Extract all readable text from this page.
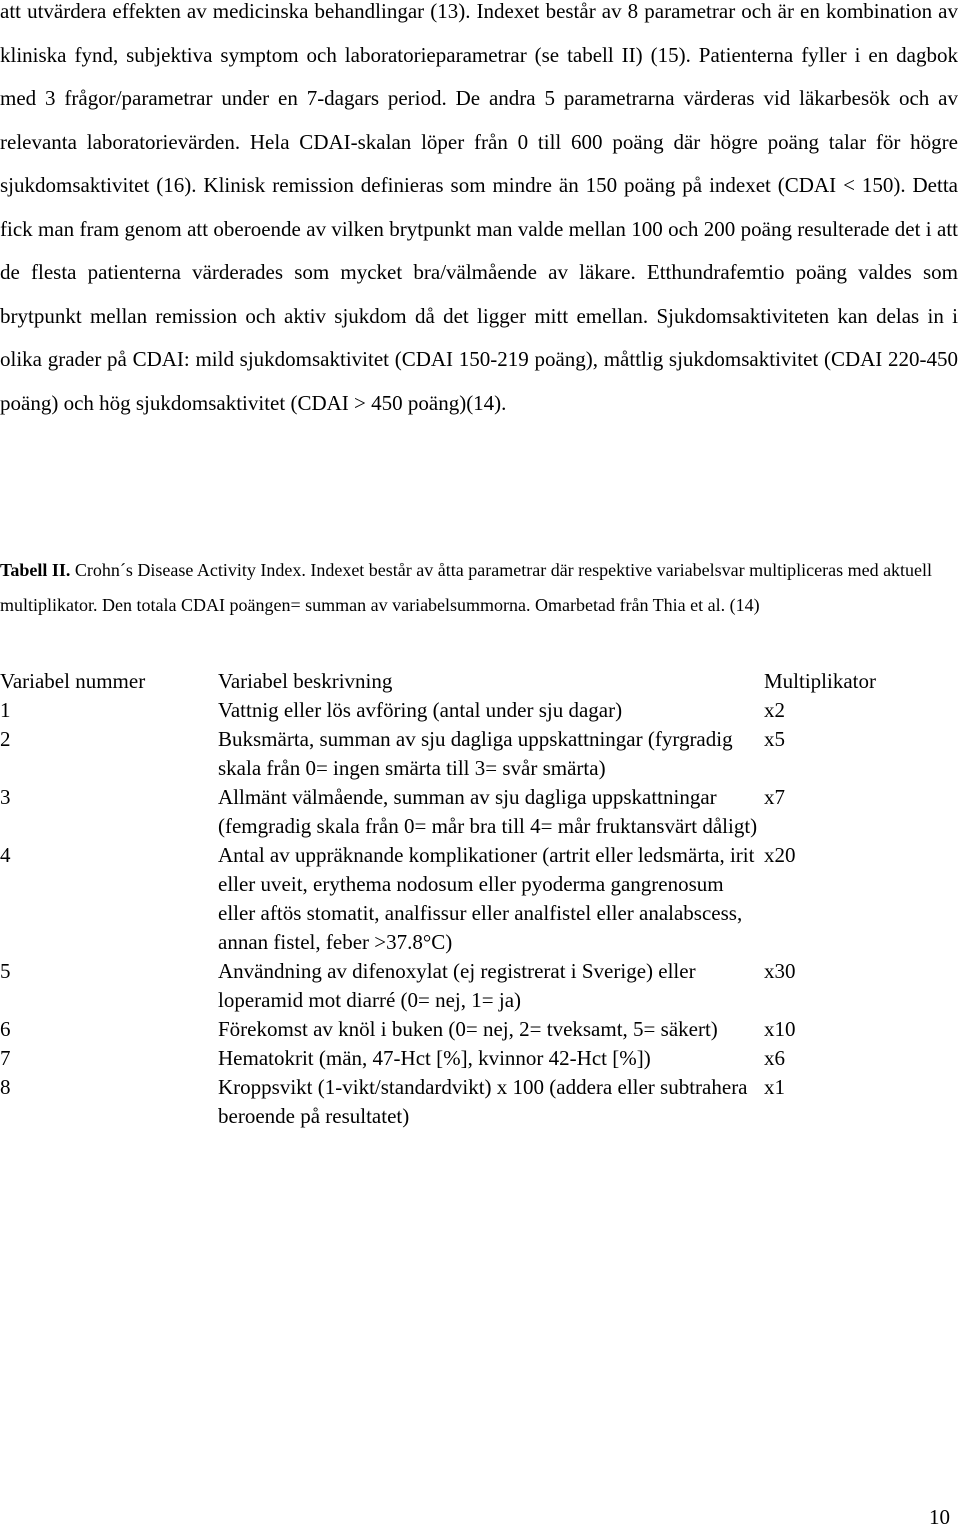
att utvärdera effekten av medicinska behandlingar (13). Indexet består av 8 parametrar och är en kombination av kliniska fynd, subjektiva symptom och laboratorieparametrar (se tabell II) (15). Patienterna fyller i en dagbok med 3 frågor/parametrar under en 7-dagars period. De andra 5 parametrarna värderas vid läkarbesök och av relevanta laboratorievärden. Hela CDAI-skalan löper från 0 till 600 poäng där högre poäng talar för högre sjukdomsaktivitet (16). Klinisk remission definieras som mindre än 150 poäng på indexet (CDAI < 150). Detta fick man fram genom att oberoende av vilken brytpunkt man valde mellan 100 och 200 poäng resulterade det i att de flesta patienterna värderades som mycket bra/välmående av läkare. Etthundrafemtio poäng valdes som brytpunkt mellan remission och aktiv sjukdom då det ligger mitt emellan. Sjukdomsaktiviteten kan delas in i olika grader på CDAI: mild sjukdomsaktivitet (CDAI 150-219 poäng), måttlig sjukdomsaktivitet (CDAI 220-450 poäng) och hög sjukdomsaktivitet (CDAI > 450 poäng)(14).

Tabell II. Crohn´s Disease Activity Index. Indexet består av åtta parametrar där respektive variabelsvar multipliceras med aktuell multiplikator. Den totala CDAI poängen= summan av variabelsummorna. Omarbetad från Thia et al. (14)

Variabel nummer	Variabel beskrivning	Multiplikator
1	Vattnig eller lös avföring (antal under sju dagar)	x2
2	Buksmärta, summan av sju dagliga uppskattningar (fyrgradig skala från 0= ingen smärta till 3= svår smärta)	x5
3	Allmänt välmående, summan av sju dagliga uppskattningar (femgradig skala från 0= mår bra till 4= mår fruktansvärt dåligt)	x7
4	Antal av uppräknande komplikationer (artrit eller ledsmärta, irit eller uveit, erythema nodosum eller pyoderma gangrenosum eller aftös stomatit, analfissur eller analfistel eller analabscess, annan fistel, feber >37.8°C)	x20
5	Användning av difenoxylat (ej registrerat i Sverige) eller loperamid mot diarré (0= nej, 1= ja)	x30
6	Förekomst av knöl i buken (0= nej, 2= tveksamt, 5= säkert)	x10
7	Hematokrit (män, 47-Hct [%], kvinnor 42-Hct [%])	x6
8	Kroppsvikt (1-vikt/standardvikt) x 100 (addera eller subtrahera beroende på resultatet)	x1
10
